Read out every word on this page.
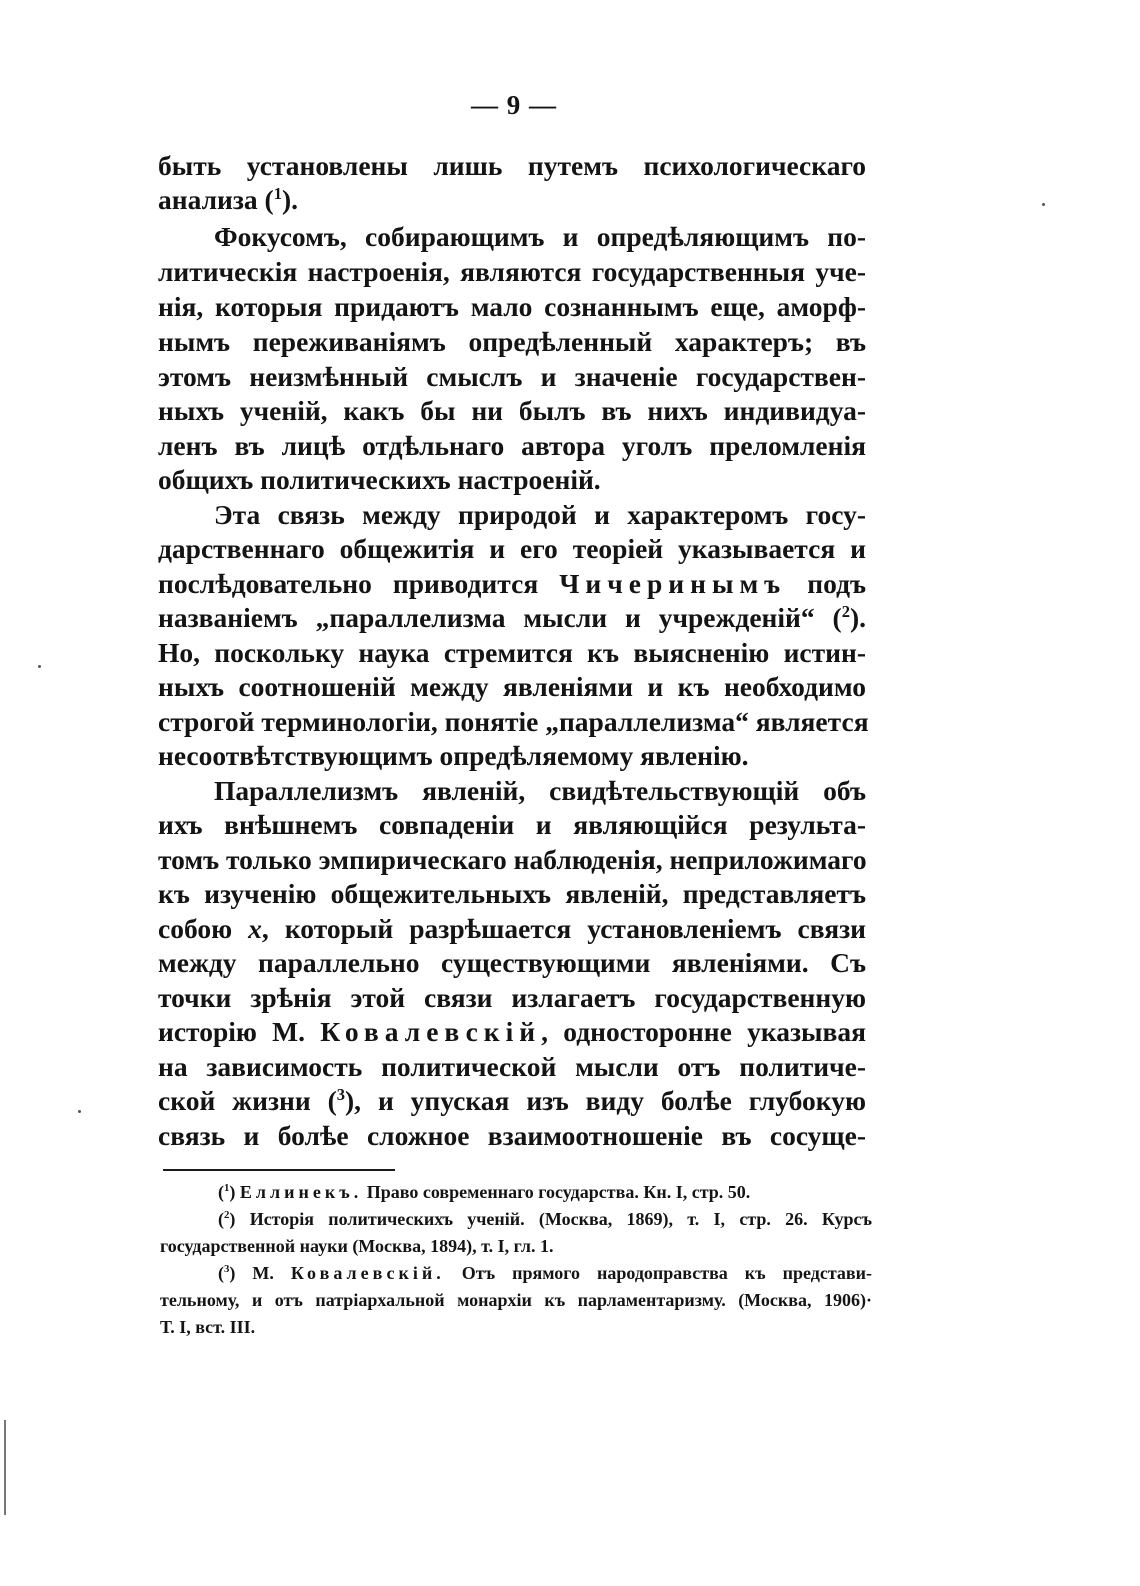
— 9 —
быть установлены лишь путемъ психологическаго
анализа ($^1$).
Фокусомъ, собирающимъ и опредѣляющимъ по-
литическія настроенія, являются государственныя уче-
нія, которыя придаютъ мало сознаннымъ еще, аморф-
нымъ переживаніямъ опредѣленный характеръ; въ
этомъ неизмѣнный смыслъ и значеніе государствен-
ныхъ ученій, какъ бы ни былъ въ нихъ индивидуа-
ленъ въ лицѣ отдѣльнаго автора уголъ преломленія
общихъ политическихъ настроеній.
Эта связь между природой и характеромъ госу-
дарственнаго общежитія и его теоріей указывается и
послѣдовательно приводится Чичеринымъ подъ
названіемъ „параллелизма мысли и учрежденій“ ($^2$).
Но, поскольку наука стремится къ выясненію истин-
ныхъ соотношеній между явленіями и къ необходимо
строгой терминологіи, понятіе „параллелизма“ является
несоотвѣтствующимъ опредѣляемому явленію.
Параллелизмъ явленій, свидѣтельствующій объ
ихъ внѣшнемъ совпаденіи и являющійся результа-
томъ только эмпирическаго наблюденія, неприложимаго
къ изученію общежительныхъ явленій, представляетъ
собою x, который разрѣшается установленіемъ связи
между параллельно существующими явленіями. Съ
точки зрѣнія этой связи излагаетъ государственную
исторію М. Ковалевскій, односторонне указывая
на зависимость политической мысли отъ политиче-
ской жизни ($^3$), и упуская изъ виду болѣе глубокую
связь и болѣе сложное взаимоотношеніе въ сосуще-
($^1$) Еллинекъ. Право современнаго государства. Кн. I, стр. 50.
($^2$) Исторія политическихъ ученій. (Москва, 1869), т. I, стр. 26. Курсъ
государственной науки (Москва, 1894), т. I, гл. 1.
($^3$) М. Ковалевскій. Отъ прямого народоправства къ представи-
тельному, и отъ патріархальной монархіи къ парламентаризму. (Москва, 1906)·
Т. I, вст. III.
